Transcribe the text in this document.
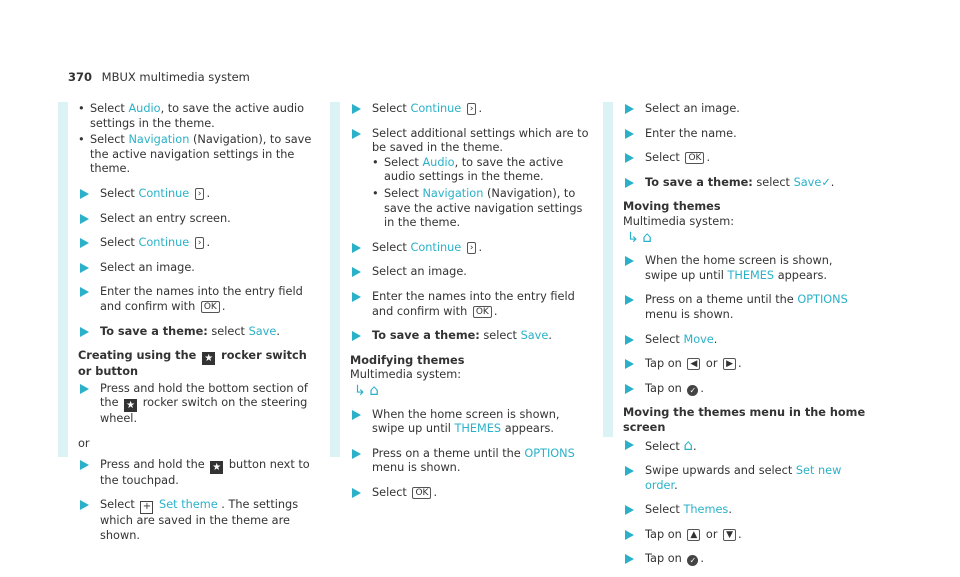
370 MBUX multimedia system
• Select Audio, to save the active audio settings in the theme.
• Select Navigation (Navigation), to save the active navigation settings in the theme.
Select Continue › .
Select an entry screen.
Select Continue › .
Select an image.
Enter the names into the entry field and confirm with OK .
To save a theme: select Save.
Creating using the ★ rocker switch or button
Press and hold the bottom section of the ★ rocker switch on the steering wheel.
or
Press and hold the ★ button next to the touchpad.
Select + Set theme . The settings which are saved in the theme are shown.
Select Continue › .
Select additional settings which are to be saved in the theme.
• Select Audio, to save the active audio settings in the theme.
• Select Navigation (Navigation), to save the active navigation settings in the theme.
Select Continue › .
Select an image.
Enter the names into the entry field and confirm with OK .
To save a theme: select Save.
Modifying themes
Multimedia system:
↳ ⌂
When the home screen is shown, swipe up until THEMES appears.
Press on a theme until the OPTIONS menu is shown.
Select OK .
Select an image.
Enter the name.
Select OK .
To save a theme: select Save✓.
Moving themes
Multimedia system:
↳ ⌂
When the home screen is shown, swipe up until THEMES appears.
Press on a theme until the OPTIONS menu is shown.
Select Move.
Tap on ◀ or ▶ .
Tap on ✓ .
Moving the themes menu in the home screen
Select ⌂.
Swipe upwards and select Set new order.
Select Themes.
Tap on ▲ or ▼ .
Tap on ✓ .
